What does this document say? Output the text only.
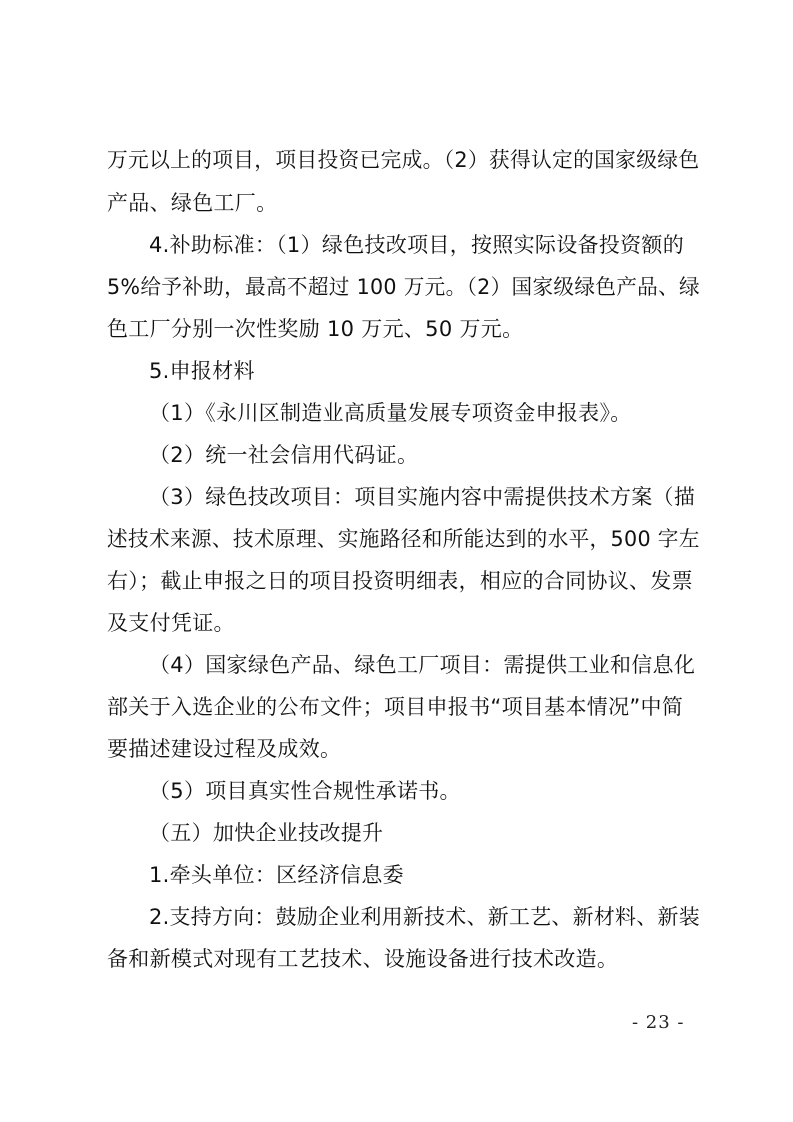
万元以上的项目，项目投资已完成。（2）获得认定的国家级绿色
产品、绿色工厂。
4.补助标准：（1）绿色技改项目，按照实际设备投资额的
5%给予补助，最高不超过 100 万元。（2）国家级绿色产品、绿
色工厂分别一次性奖励 10 万元、50 万元。
5.申报材料
（1）《永川区制造业高质量发展专项资金申报表》。
（2）统一社会信用代码证。
（3）绿色技改项目：项目实施内容中需提供技术方案（描
述技术来源、技术原理、实施路径和所能达到的水平，500 字左
右）；截止申报之日的项目投资明细表，相应的合同协议、发票
及支付凭证。
（4）国家绿色产品、绿色工厂项目：需提供工业和信息化
部关于入选企业的公布文件；项目申报书“项目基本情况”中简
要描述建设过程及成效。
（5）项目真实性合规性承诺书。
（五）加快企业技改提升
1.牵头单位：区经济信息委
2.支持方向：鼓励企业利用新技术、新工艺、新材料、新装
备和新模式对现有工艺技术、设施设备进行技术改造。
- 23 -
